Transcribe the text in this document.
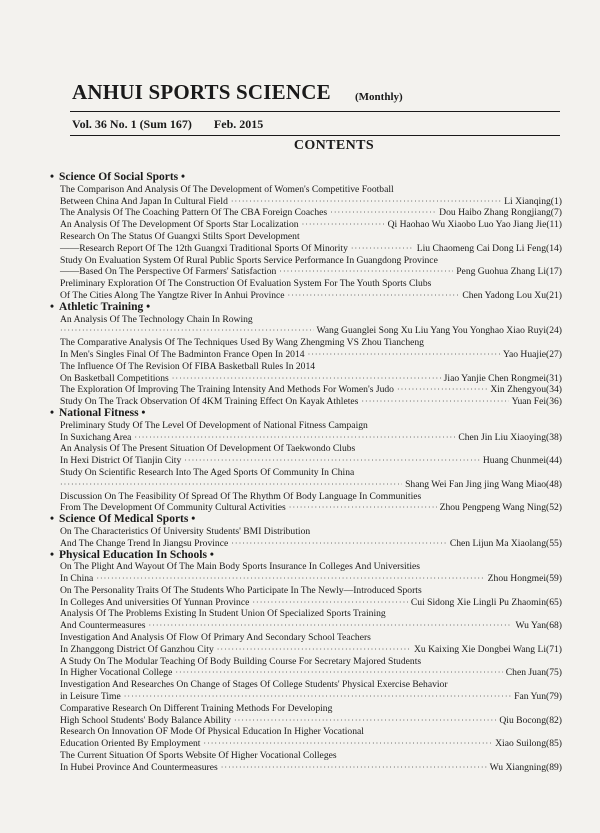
ANHUI SPORTS SCIENCE (Monthly)
Vol. 36 No. 1 (Sum 167) Feb. 2015
CONTENTS
• Science Of Social Sports •
The Comparison And Analysis Of The Development of Women's Competitive Football
Between China And Japan In Cultural Field ·····	Li Xianqing(1)
The Analysis Of The Coaching Pattern Of The CBA Foreign Coaches ·····	Dou Haibo Zhang Rongjiang(7)
An Analysis Of The Development Of Sports Star Localization ·····	Qi Haohao Wu Xiaobo Luo Yao Jiang Jie(11)
Research On The Status Of Guangxi Stilts Sport Development
——Research Report Of The 12th Guangxi Traditional Sports Of Minority ·····	Liu Chaomeng Cai Dong Li Feng(14)
Study On Evaluation System Of Rural Public Sports Service Performance In Guangdong Province
——Based On The Perspective Of Farmers' Satisfaction ·····	Peng Guohua Zhang Li(17)
Preliminary Exploration Of The Construction Of Evaluation System For The Youth Sports Clubs
Of The Cities Along The Yangtze River In Anhui Province ·····	Chen Yadong Lou Xu(21)
• Athletic Training •
An Analysis Of The Technology Chain In Rowing
·····
Wang Guanglei Song Xu Liu Yang You Yonghao Xiao Ruyi(24)
The Comparative Analysis Of The Techniques Used By Wang Zhengming VS Zhou Tiancheng
In Men's Singles Final Of The Badminton France Open In 2014 ·····	Yao Huajie(27)
The Influence Of The Revision Of FIBA Basketball Rules In 2014
On Basketball Competitions ·····	Jiao Yanjie Chen Rongmei(31)
The Exploration Of Improving The Training Intensity And Methods For Women's Judo ·····	Xin Zhengyou(34)
Study On The Track Observation Of 4KM Training Effect On Kayak Athletes ·····	Yuan Fei(36)
• National Fitness •
Preliminary Study Of The Level Of Development of National Fitness Campaign
In Suxichang Area ·····	Chen Jin Liu Xiaoying(38)
An Analysis Of The Present Situation Of Development Of Taekwondo Clubs
In Hexi District Of Tianjin City ·····	Huang Chunmei(44)
Study On Scientific Research Into The Aged Sports Of Community In China
·····
Shang Wei Fan Jing jing Wang Miao(48)
Discussion On The Feasibility Of Spread Of The Rhythm Of Body Language In Communities
From The Development Of Community Cultural Activities ·····	Zhou Pengpeng Wang Ning(52)
• Science Of Medical Sports •
On The Characteristics Of University Students' BMI Distribution
And The Change Trend In Jiangsu Province ·····	Chen Lijun Ma Xiaolang(55)
• Physical Education In Schools •
On The Plight And Wayout Of The Main Body Sports Insurance In Colleges And Universities
In China ·····	Zhou Hongmei(59)
On The Personality Traits Of The Students Who Participate In The Newly—Introduced Sports
In Colleges And universities Of Yunnan Province ·····	Cui Sidong Xie Lingli Pu Zhaomin(65)
Analysis Of The Problems Existing In Student Union Of Specialized Sports Training
And Countermeasures ·····	Wu Yan(68)
Investigation And Analysis Of Flow Of Primary And Secondary School Teachers
In Zhanggong District Of Ganzhou City ·····	Xu Kaixing Xie Dongbei Wang Li(71)
A Study On The Modular Teaching Of Body Building Course For Secretary Majored Students
In Higher Vocational College ·····	Chen Juan(75)
Investigation And Researches On Change of Stages Of College Students' Physical Exercise Behavior
in Leisure Time ·····	Fan Yun(79)
Comparative Research On Different Training Methods For Developing
High School Students' Body Balance Ability ·····	Qiu Bocong(82)
Research On Innovation OF Mode Of Physical Education In Higher Vocational
Education Oriented By Employment ·····	Xiao Suilong(85)
The Current Situation Of Sports Website Of Higher Vocational Colleges
In Hubei Province And Countermeasures ·····	Wu Xiangning(89)
